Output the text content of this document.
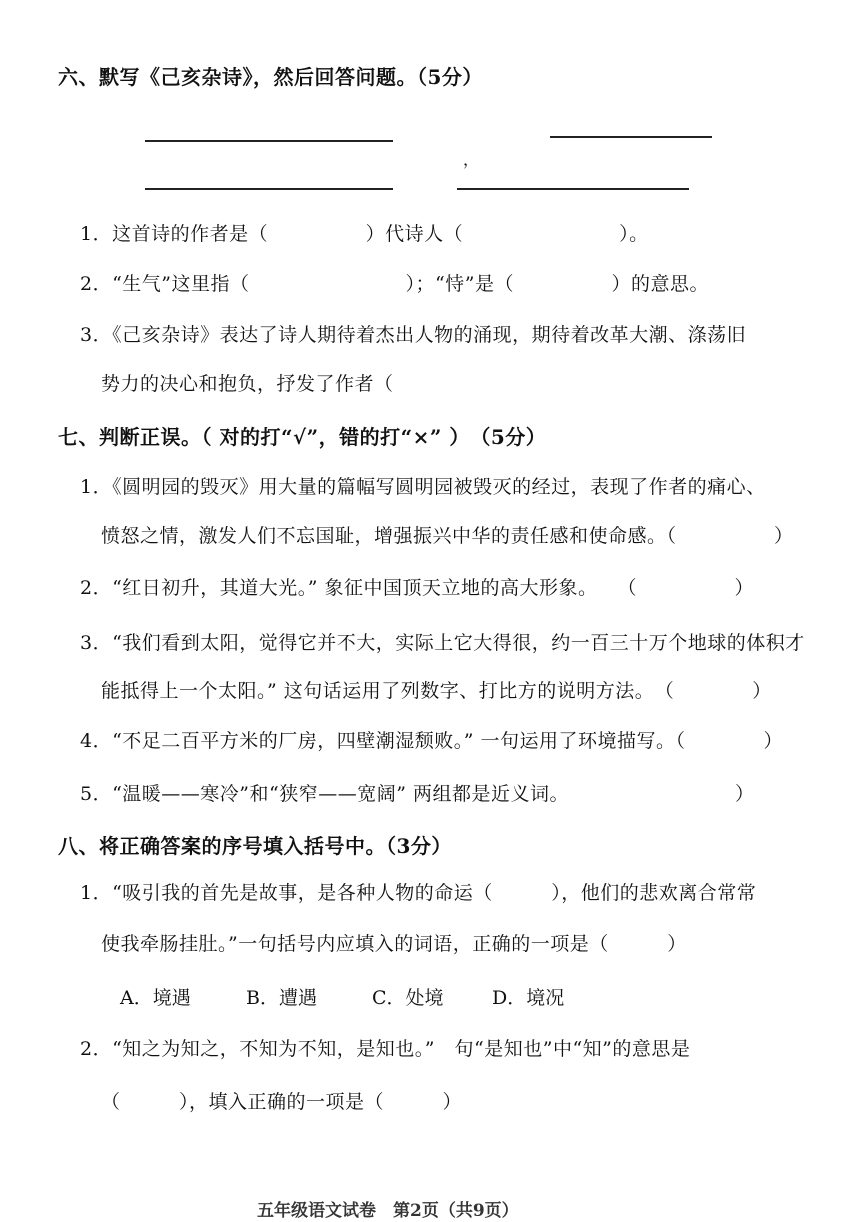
六、默写《己亥杂诗》，然后回答问题。（5分）
，
1．这首诗的作者是（　　　　　）代诗人（　　　　　　　　）。
2．“生气”这里指（　　　　　　　　）；“恃”是（　　　　　）的意思。
3．《己亥杂诗》表达了诗人期待着杰出人物的涌现，期待着改革大潮、涤荡旧
势力的决心和抱负，抒发了作者（
七、判断正误。（ 对的打“√”，错的打“×” ）　（5分）
1．《圆明园的毁灭》用大量的篇幅写圆明园被毁灭的经过，表现了作者的痛心、
愤怒之情，激发人们不忘国耻，增强振兴中华的责任感和使命感。（　　　　　）
2．“红日初升，其道大光。” 象征中国顶天立地的高大形象。　　（　　　　　）
3．“我们看到太阳，觉得它并不大，实际上它大得很，约一百三十万个地球的体积才
能抵得上一个太阳。” 这句话运用了列数字、打比方的说明方法。　（　　　　）
4．“不足二百平方米的厂房，四壁潮湿颓败。” 一句运用了环境描写。（　　　　）
5．“温暖——寒冷”和“狭窄——宽阔” 两组都是近义词。　　　　　　　　　）
八、将正确答案的序号填入括号中。（3分）
1．“吸引我的首先是故事，是各种人物的命运（　　　），他们的悲欢离合常常
使我牵肠挂肚。”一句括号内应填入的词语，正确的一项是（　　　）
A．境遇	B．遭遇	C．处境	D．境况
2．“知之为知之，不知为不知，是知也。”　句“是知也”中“知”的意思是
（　　　），填入正确的一项是（　　　）
五年级语文试卷　第2页（共9页）
